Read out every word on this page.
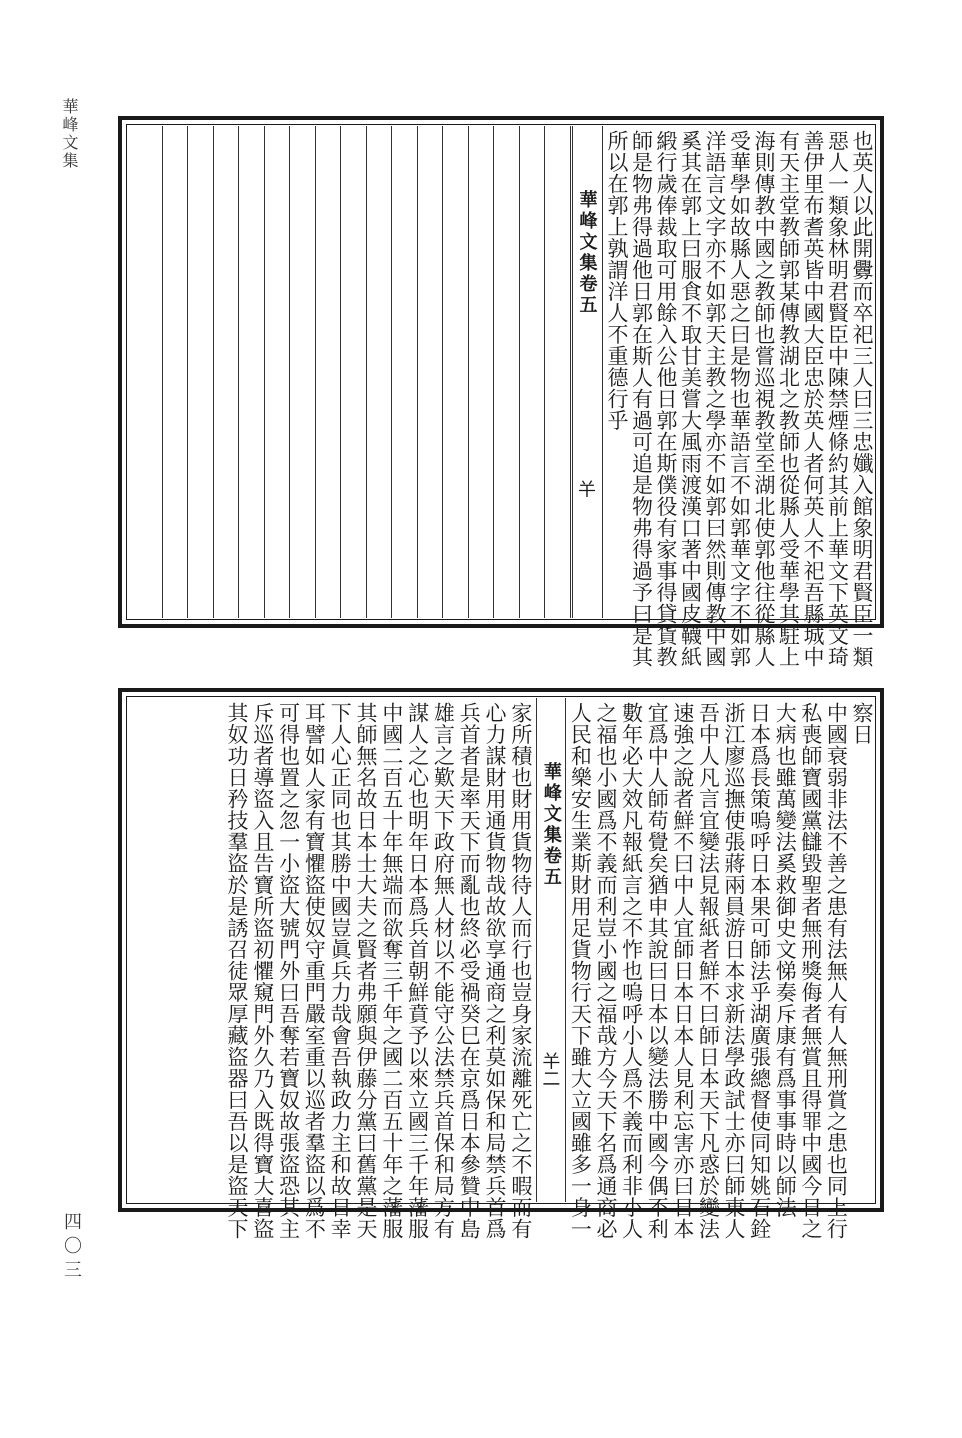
華峰文集
四〇三
也英人以此開釁而卒祀三人曰三忠孅入館象明君賢臣一類
惡人一類象林明君賢臣中陳禁煙條約其前上華文下英文琦
善伊里布耆英皆中國大臣忠於英人者何英人不祀吾縣城中
有天主堂教師郭某傳教湖北之教師也從縣人受華學其駐上
海則傳教中國之教師也嘗巡視教堂至湖北使郭他往從縣人
受華學如故縣人惡之曰是物也華語言不如郭華文字不如郭
洋語言文字亦不如郭天主教之學亦不如郭曰然則傳教中國
奚其在郭上曰服食不取甘美嘗大風雨渡漢口著中國皮韈紙
緞行歲俸裁取可用餘入公他日郭在斯僕役有家事得貸貨教
師是物弗得過他日郭在斯人有過可追是物弗得過予曰是其
所以在郭上孰謂洋人不重德行乎
華峰文集卷五
𢆉
察日
中國衰弱非法不善之患有法無人有人無刑賞之患也同上行
私喪師寶國黨讎毀聖者無刑獎侮者無賞且得罪中國今日之
大病也雖萬變法奚救御史文悌奏斥康有爲事事時以師法
日本爲長策嗚呼日本果可師法乎湖廣張總督使同知姚石銓
浙江廖巡撫使張蔣兩員游日本求新法學政試士亦曰師東人
吾中人凡言宜變法見報紙者鮮不曰師日本天下凡惑於變法
速強之說者鮮不曰中人宜師日本日本人見利忘害亦曰日本
宜爲中人師苟覺矣猶申其說曰日本以變法勝中國今偶不利
數年必大效凡報紙言之不怍也嗚呼小人爲不義而利非小人
之福也小國爲不義而利豈小國之福哉方今天下名爲通商必
人民和樂安生業斯財用足貨物行天下雖大立國雖多一身一
華峰文集卷五
𢆉二
家所積也財用貨物待人而行也豈身家流離死亡之不暇而有
心力謀財用通貨物哉故欲享通商之利莫如保和局禁兵首爲
兵首者是率天下而亂也終必受禍癸巳在京爲日本參贊中島
雄言之歎天下政府無人材以不能守公法禁兵首保和局方有
謀人之心也明年日本爲兵首朝鮮賁予以來立國三千年藩服
中國二百五十年無端而欲奪三千年之國二百五十年之藩服
其師無名故日本士大夫之賢者弗願與伊藤分黨曰舊黨是天
下人心正同也其勝中國豈眞兵力哉會吾執政力主和故日幸
耳譬如人家有寶懼盜使奴守重門嚴室重以巡者羣盜以爲不
可得也置之忽一小盜大號門外曰吾奪若寶奴故張盜恐其主
斥巡者導盜入且告寶所盜初懼窺門外久乃入既得寶大喜盜
其奴功日矜技羣盜於是誘召徒眾厚藏盜器曰吾以是盜天下
